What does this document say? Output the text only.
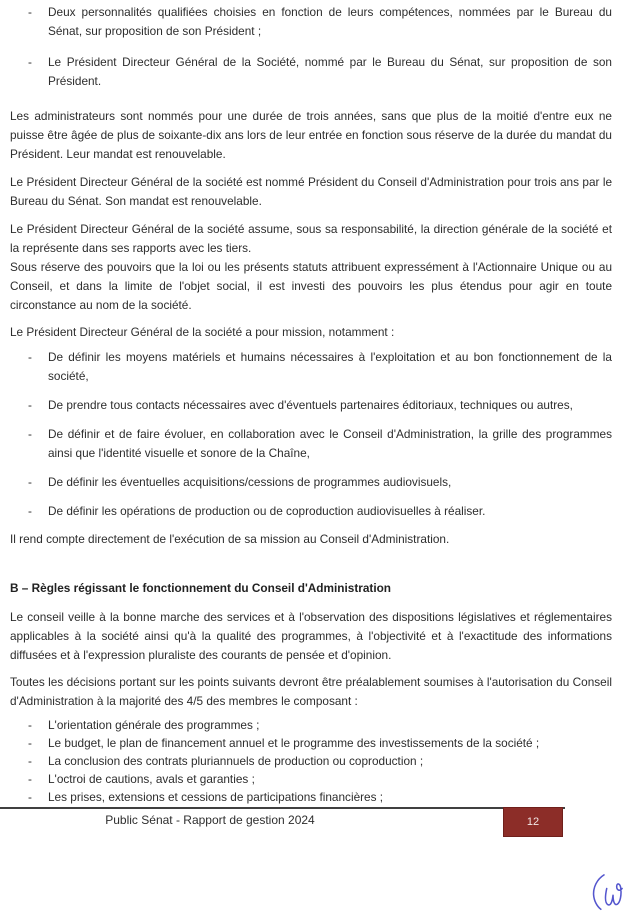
-	Deux personnalités qualifiées choisies en fonction de leurs compétences, nommées par le Bureau du Sénat, sur proposition de son Président ;
-	Le Président Directeur Général de la Société, nommé par le Bureau du Sénat, sur proposition de son Président.

Les administrateurs sont nommés pour une durée de trois années, sans que plus de la moitié d'entre eux ne puisse être âgée de plus de soixante-dix ans lors de leur entrée en fonction sous réserve de la durée du mandat du Président. Leur mandat est renouvelable.

Le Président Directeur Général de la société est nommé Président du Conseil d'Administration pour trois ans par le Bureau du Sénat. Son mandat est renouvelable.

Le Président Directeur Général de la société assume, sous sa responsabilité, la direction générale de la société et la représente dans ses rapports avec les tiers.

Sous réserve des pouvoirs que la loi ou les présents statuts attribuent expressément à l'Actionnaire Unique ou au Conseil, et dans la limite de l'objet social, il est investi des pouvoirs les plus étendus pour agir en toute circonstance au nom de la société.

Le Président Directeur Général de la société a pour mission, notamment :

-	De définir les moyens matériels et humains nécessaires à l'exploitation et au bon fonctionnement de la société,
-	De prendre tous contacts nécessaires avec d'éventuels partenaires éditoriaux, techniques ou autres,
-	De définir et de faire évoluer, en collaboration avec le Conseil d'Administration, la grille des programmes ainsi que l'identité visuelle et sonore de la Chaîne,
-	De définir les éventuelles acquisitions/cessions de programmes audiovisuels,
-	De définir les opérations de production ou de coproduction audiovisuelles à réaliser.

Il rend compte directement de l'exécution de sa mission au Conseil d'Administration.

B – Règles régissant le fonctionnement du Conseil d'Administration

Le conseil veille à la bonne marche des services et à l'observation des dispositions législatives et réglementaires applicables à la société ainsi qu'à la qualité des programmes, à l'objectivité et à l'exactitude des informations diffusées et à l'expression pluraliste des courants de pensée et d'opinion.

Toutes les décisions portant sur les points suivants devront être préalablement soumises à l'autorisation du Conseil d'Administration à la majorité des 4/5 des membres le composant :

-	L'orientation générale des programmes ;
-	Le budget, le plan de financement annuel et le programme des investissements de la société ;
-	La conclusion des contrats pluriannuels de production ou coproduction ;
-	L'octroi de cautions, avals et garanties ;
-	Les prises, extensions et cessions de participations financières ;
Public Sénat - Rapport de gestion 2024	12
